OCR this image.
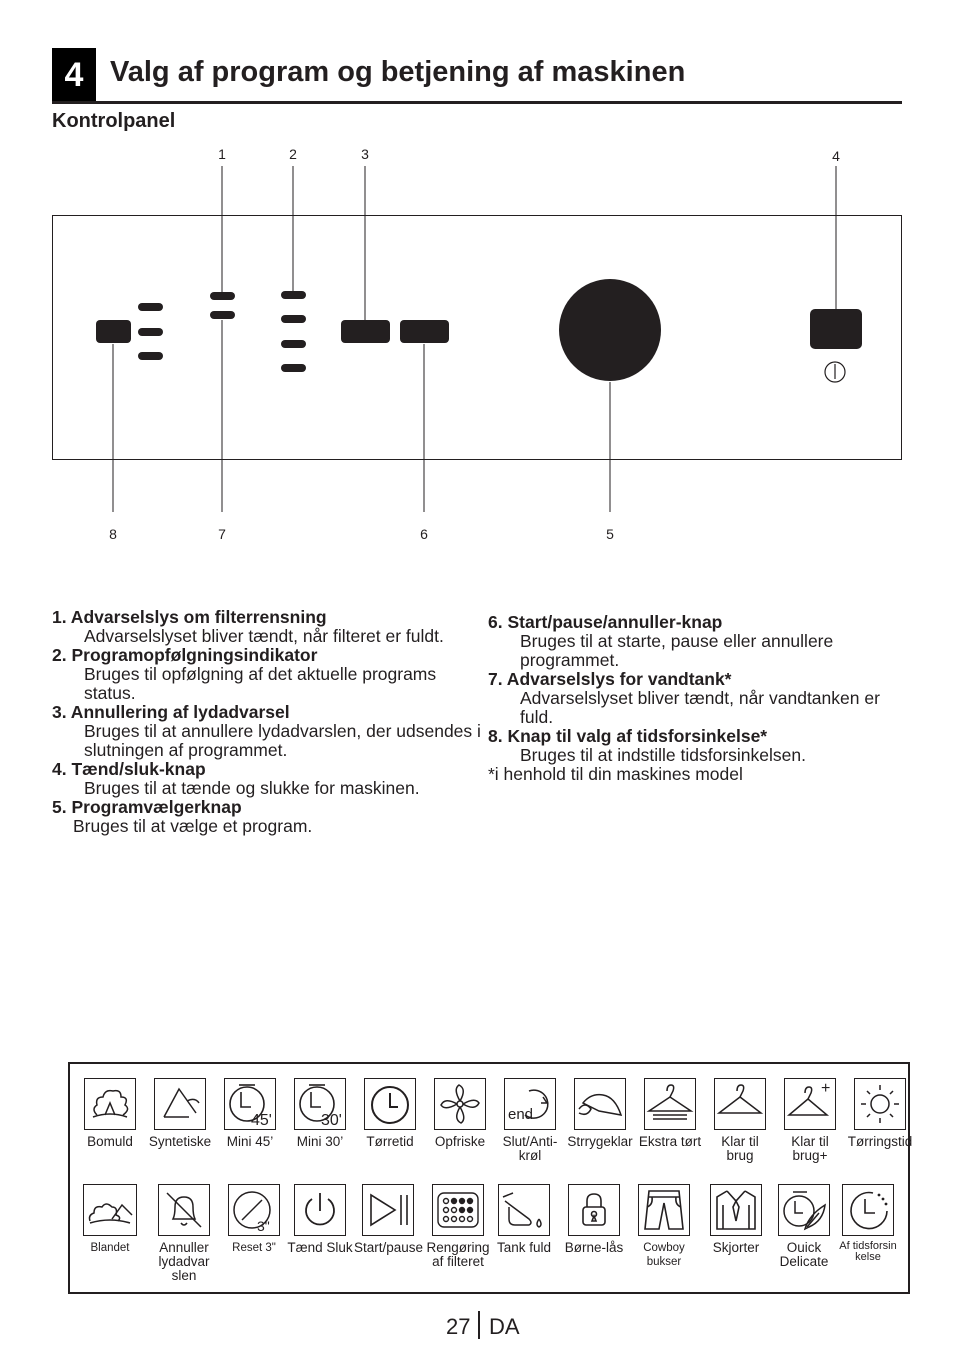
4 Valg af program og betjening af maskinen
Kontrolpanel
1	2	3	4
8	7	6	5
1. Advarselslys om filterrensning
Advarselslyset bliver tændt, når filteret er fuldt.
2. Programopfølgningsindikator
Bruges til opfølgning af det aktuelle programs status.
3. Annullering af lydadvarsel
Bruges til at annullere lydadvarslen, der udsendes i slutningen af programmet.
4. Tænd/sluk-knap
Bruges til at tænde og slukke for maskinen.
5. Programvælgerknap
Bruges til at vælge et program.
6. Start/pause/annuller-knap
Bruges til at starte, pause eller annullere programmet.
7. Advarselslys for vandtank*
Advarselslyset bliver tændt, når vandtanken er fuld.
8. Knap til valg af tidsforsinkelse*
Bruges til at indstille tidsforsinkelsen.
*i henhold til din maskines model
Bomuld	Syntetiske
45'
Mini 45’
30'
Mini 30’	Tørretid	Opfriske
end
Slut/Anti-krøl
Strrygeklar Ekstra tørt	Klar til brug
+
Klar til brug+
Tørringstid
Blandet	Annuller lydadvar slen
3"
Reset 3" Tænd Sluk Start/pause Rengøring af filteret
Tank fuld	Børne-lås	Cowboy bukser
Skjorter	Ouick Delicate
Af tidsforsin kelse
27 DA
